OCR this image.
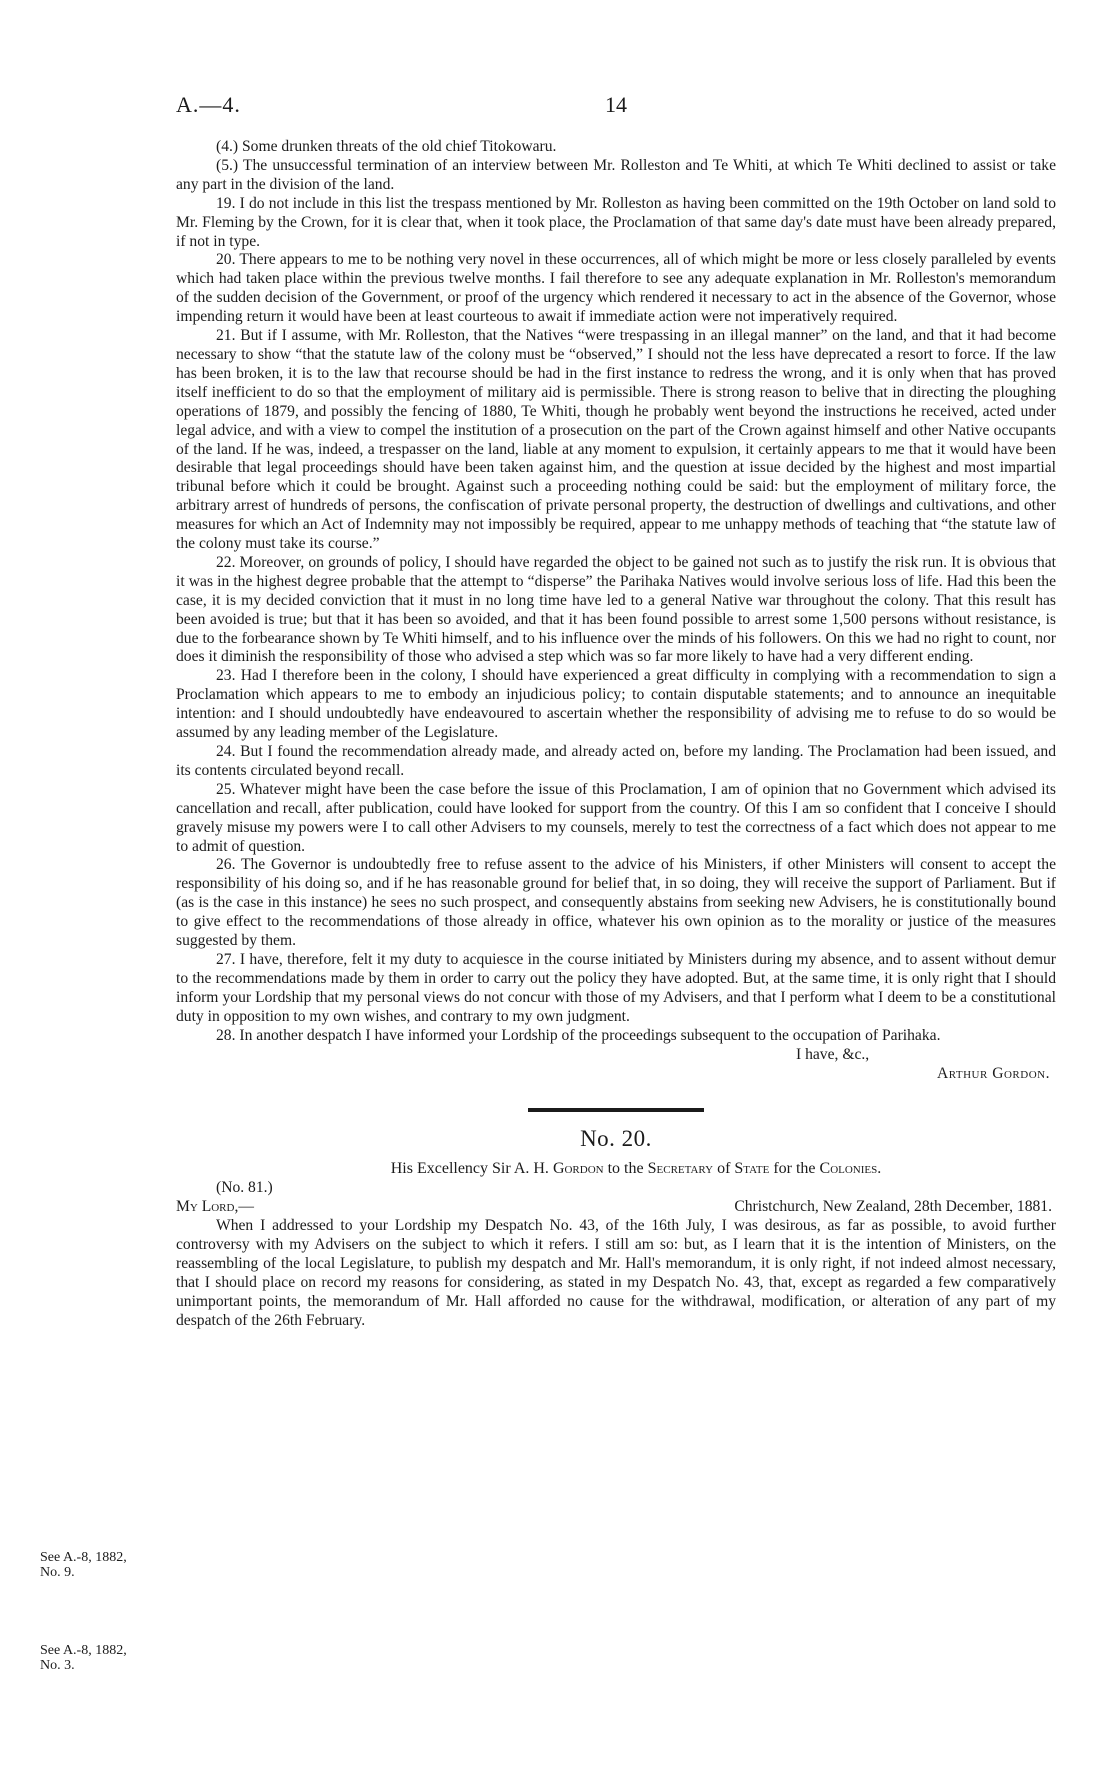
A.—4.	14

(4.) Some drunken threats of the old chief Titokowaru.

(5.) The unsuccessful termination of an interview between Mr. Rolleston and Te Whiti, at which Te Whiti declined to assist or take any part in the division of the land.

19. I do not include in this list the trespass mentioned by Mr. Rolleston as having been committed on the 19th October on land sold to Mr. Fleming by the Crown, for it is clear that, when it took place, the Proclamation of that same day's date must have been already prepared, if not in type.

20. There appears to me to be nothing very novel in these occurrences, all of which might be more or less closely paralleled by events which had taken place within the previous twelve months. I fail therefore to see any adequate explanation in Mr. Rolleston's memorandum of the sudden decision of the Government, or proof of the urgency which rendered it necessary to act in the absence of the Governor, whose impending return it would have been at least courteous to await if immediate action were not imperatively required.

21. But if I assume, with Mr. Rolleston, that the Natives “were trespassing in an illegal manner” on the land, and that it had become necessary to show “that the statute law of the colony must be “observed,” I should not the less have deprecated a resort to force. If the law has been broken, it is to the law that recourse should be had in the first instance to redress the wrong, and it is only when that has proved itself inefficient to do so that the employment of military aid is permissible. There is strong reason to belive that in directing the ploughing operations of 1879, and possibly the fencing of 1880, Te Whiti, though he probably went beyond the instructions he received, acted under legal advice, and with a view to compel the institution of a prosecution on the part of the Crown against himself and other Native occupants of the land. If he was, indeed, a trespasser on the land, liable at any moment to expulsion, it certainly appears to me that it would have been desirable that legal proceedings should have been taken against him, and the question at issue decided by the highest and most impartial tribunal before which it could be brought. Against such a proceeding nothing could be said: but the employment of military force, the arbitrary arrest of hundreds of persons, the confiscation of private personal property, the destruction of dwellings and cultivations, and other measures for which an Act of Indemnity may not impossibly be required, appear to me unhappy methods of teaching that “the statute law of the colony must take its course.”

22. Moreover, on grounds of policy, I should have regarded the object to be gained not such as to justify the risk run. It is obvious that it was in the highest degree probable that the attempt to “disperse” the Parihaka Natives would involve serious loss of life. Had this been the case, it is my decided conviction that it must in no long time have led to a general Native war throughout the colony. That this result has been avoided is true; but that it has been so avoided, and that it has been found possible to arrest some 1,500 persons without resistance, is due to the forbearance shown by Te Whiti himself, and to his influence over the minds of his followers. On this we had no right to count, nor does it diminish the responsibility of those who advised a step which was so far more likely to have had a very different ending.

23. Had I therefore been in the colony, I should have experienced a great difficulty in complying with a recommendation to sign a Proclamation which appears to me to embody an injudicious policy; to contain disputable statements; and to announce an inequitable intention: and I should undoubtedly have endeavoured to ascertain whether the responsibility of advising me to refuse to do so would be assumed by any leading member of the Legislature.

24. But I found the recommendation already made, and already acted on, before my landing. The Proclamation had been issued, and its contents circulated beyond recall.

25. Whatever might have been the case before the issue of this Proclamation, I am of opinion that no Government which advised its cancellation and recall, after publication, could have looked for support from the country. Of this I am so confident that I conceive I should gravely misuse my powers were I to call other Advisers to my counsels, merely to test the correctness of a fact which does not appear to me to admit of question.

26. The Governor is undoubtedly free to refuse assent to the advice of his Ministers, if other Ministers will consent to accept the responsibility of his doing so, and if he has reasonable ground for belief that, in so doing, they will receive the support of Parliament. But if (as is the case in this instance) he sees no such prospect, and consequently abstains from seeking new Advisers, he is constitutionally bound to give effect to the recommendations of those already in office, whatever his own opinion as to the morality or justice of the measures suggested by them.

27. I have, therefore, felt it my duty to acquiesce in the course initiated by Ministers during my absence, and to assent without demur to the recommendations made by them in order to carry out the policy they have adopted. But, at the same time, it is only right that I should inform your Lordship that my personal views do not concur with those of my Advisers, and that I perform what I deem to be a constitutional duty in opposition to my own wishes, and contrary to my own judgment.

28. In another despatch I have informed your Lordship of the proceedings subsequent to the occupation of Parihaka.

I have, &c.,
Arthur Gordon.
No. 20.

His Excellency Sir A. H. Gordon to the Secretary of State for the Colonies.

(No. 81.)

My Lord,—	Christchurch, New Zealand, 28th December, 1881.

When I addressed to your Lordship my Despatch No. 43, of the 16th July, I was desirous, as far as possible, to avoid further controversy with my Advisers on the subject to which it refers. I still am so: but, as I learn that it is the intention of Ministers, on the reassembling of the local Legislature, to publish my despatch and Mr. Hall's memorandum, it is only right, if not indeed almost necessary, that I should place on record my reasons for considering, as stated in my Despatch No. 43, that, except as regarded a few comparatively unimportant points, the memorandum of Mr. Hall afforded no cause for the withdrawal, modification, or alteration of any part of my despatch of the 26th February.

See A.-8, 1882,
No. 9.
See A.-8, 1882,
No. 3.
